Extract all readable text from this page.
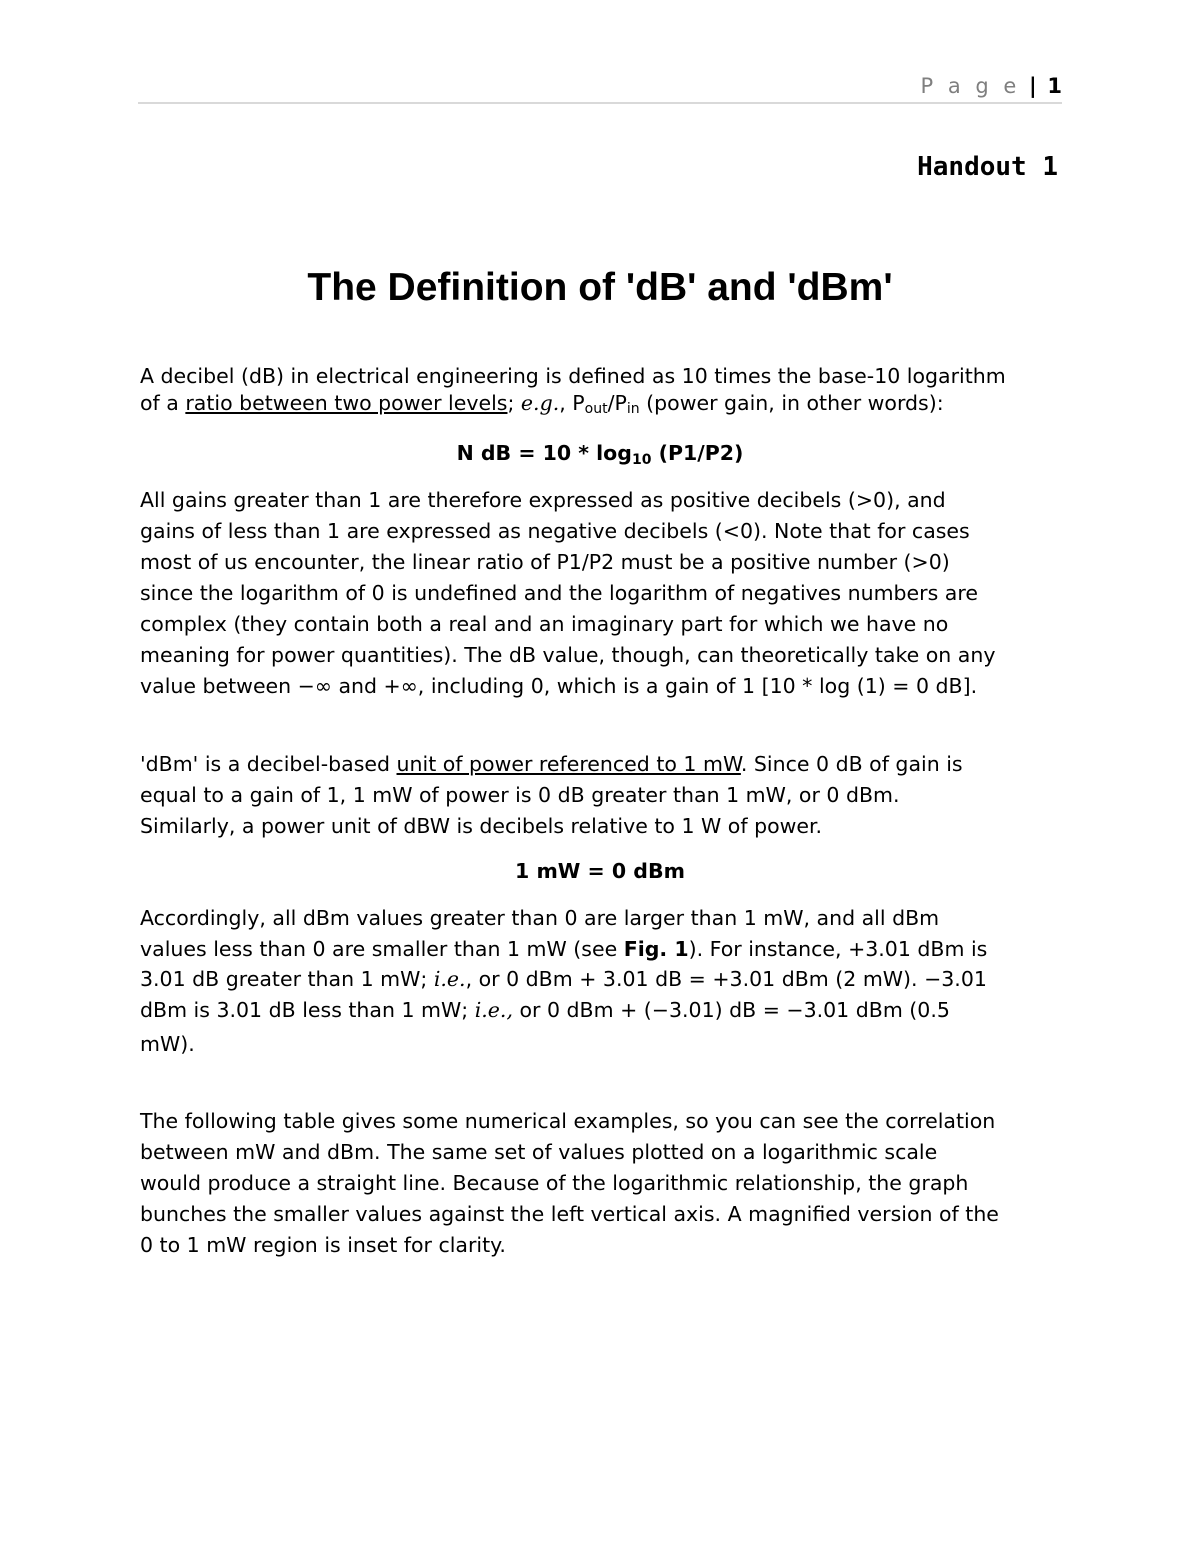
P a g e | 1
Handout 1
The Definition of 'dB' and 'dBm'
A decibel (dB) in electrical engineering is defined as 10 times the base-10 logarithm
of a ratio between two power levels; e.g., $P_{out}/P_{in}$ (power gain, in other words):
N dB = 10 * log10 (P1/P2)
All gains greater than 1 are therefore expressed as positive decibels (>0), and
gains of less than 1 are expressed as negative decibels (<0). Note that for cases
most of us encounter, the linear ratio of P1/P2 must be a positive number (>0)
since the logarithm of 0 is undefined and the logarithm of negatives numbers are
complex (they contain both a real and an imaginary part for which we have no
meaning for power quantities). The dB value, though, can theoretically take on any
value between −∞ and +∞, including 0, which is a gain of 1 [10 * log (1) = 0 dB].
'dBm' is a decibel-based unit of power referenced to 1 mW. Since 0 dB of gain is
equal to a gain of 1, 1 mW of power is 0 dB greater than 1 mW, or 0 dBm.
Similarly, a power unit of dBW is decibels relative to 1 W of power.
1 mW = 0 dBm
Accordingly, all dBm values greater than 0 are larger than 1 mW, and all dBm
values less than 0 are smaller than 1 mW (see Fig. 1). For instance, +3.01 dBm is
3.01 dB greater than 1 mW; i.e., or 0 dBm + 3.01 dB = +3.01 dBm (2 mW). −3.01
dBm is 3.01 dB less than 1 mW; i.e., or 0 dBm + (−3.01) dB = −3.01 dBm (0.5
mW).
The following table gives some numerical examples, so you can see the correlation
between mW and dBm. The same set of values plotted on a logarithmic scale
would produce a straight line. Because of the logarithmic relationship, the graph
bunches the smaller values against the left vertical axis. A magnified version of the
0 to 1 mW region is inset for clarity.
